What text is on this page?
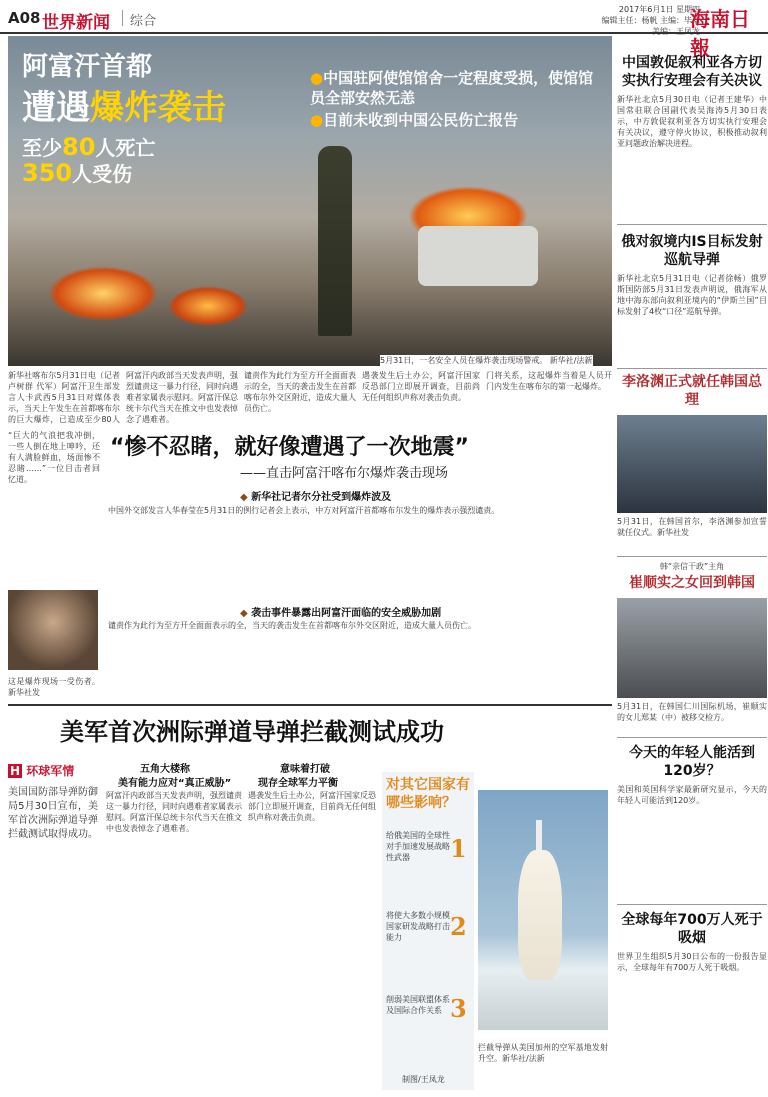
A08 世界新闻 综合
2017年6月1日 星期四
编辑主任：杨帆 主编：毕翠 美编：王凤龙
海南日報
阿富汗首都
遭遇爆炸袭击
至少80人死亡
350人受伤
●中国驻阿使馆馆舍一定程度受损，使馆馆员全部安然无恙
●目前未收到中国公民伤亡报告
5月31日，一名安全人员在爆炸袭击现场警戒。 新华社/法新
新华社喀布尔5月31日电（记者卢树群 代军）阿富汗卫生部发言人卡武西5月31日对媒体表示，当天上午发生在首都喀布尔的巨大爆炸，已造成至少80人
阿富汗内政部当天发表声明，强烈谴责这一暴力行径，同时向遇难者家属表示慰问。阿富汗保总统卡尔代当天在推文中也发表悼念了遇难者。
谴责作为此行为至方开全面面表示的全，当天的袭击发生在首都喀布尔外交区附近，造成大量人员伤亡。
遇袭发生后土办公，阿富汗国家反恐部门立即展开调查，目前尚无任何组织声称对袭击负责。
门将关系，这起爆炸当着是人员开门内发生在喀布尔的第一起爆炸。
“巨大的气浪把我冲倒，一些人倒在地上呻吟，还有人满脸鲜血，场面惨不忍睹……”一位目击者回忆道。
这是爆炸现场一受伤者。新华社发
“惨不忍睹，就好像遭遇了一次地震”
——直击阿富汗喀布尔爆炸袭击现场
◆ 新华社记者尔分社受到爆炸波及
中国外交部发言人华春莹在5月31日的例行记者会上表示，中方对阿富汗首都喀布尔发生的爆炸表示强烈谴责。
◆ 袭击事件暴露出阿富汗面临的安全威胁加剧
谴责作为此行为至方开全面面表示的全，当天的袭击发生在首都喀布尔外交区附近，造成大量人员伤亡。
中国敦促叙利亚各方切实执行安理会有关决议
新华社北京5月30日电（记者王建华）中国常驻联合国副代表吴海涛5月30日表示，中方敦促叙利亚各方切实执行安理会有关决议，遵守停火协议，积极推动叙利亚问题政治解决进程。
俄对叙境内IS目标发射巡航导弹
新华社北京5月31日电（记者徐畅）俄罗斯国防部5月31日发表声明说，俄海军从地中海东部向叙利亚境内的“伊斯兰国”目标发射了4枚“口径”巡航导弹。
李洛渊正式就任韩国总理
5月31日，在韩国首尔，李洛渊参加宣誓就任仪式。新华社发
韩“亲信干政”主角
崔顺实之女回到韩国
5月31日，在韩国仁川国际机场，崔顺实的女儿郑某（中）被移交检方。
今天的年轻人能活到120岁？
美国和英国科学家最新研究显示，今天的年轻人可能活到120岁。
全球每年700万人死于吸烟
世界卫生组织5月30日公布的一份报告显示，全球每年有700万人死于吸烟。
美军首次洲际弹道导弹拦截测试成功
H 环球军情
美国国防部导弹防御局5月30日宣布，美军首次洲际弹道导弹拦截测试取得成功。
五角大楼称
美有能力应对“真正威胁”
阿富汗内政部当天发表声明，强烈谴责这一暴力行径，同时向遇难者家属表示慰问。阿富汗保总统卡尔代当天在推文中也发表悼念了遇难者。
意味着打破
现存全球军力平衡
遇袭发生后土办公，阿富汗国家反恐部门立即展开调查，目前尚无任何组织声称对袭击负责。
对其它国家有哪些影响？
给俄美国的全球性对手加速发展战略性武器	1
将使大多数小规模国家研发战略打击能力	2
削弱美国联盟体系及国际合作关系 3
制图/王凤龙
拦截导弹从美国加州的空军基地发射升空。新华社/法新
